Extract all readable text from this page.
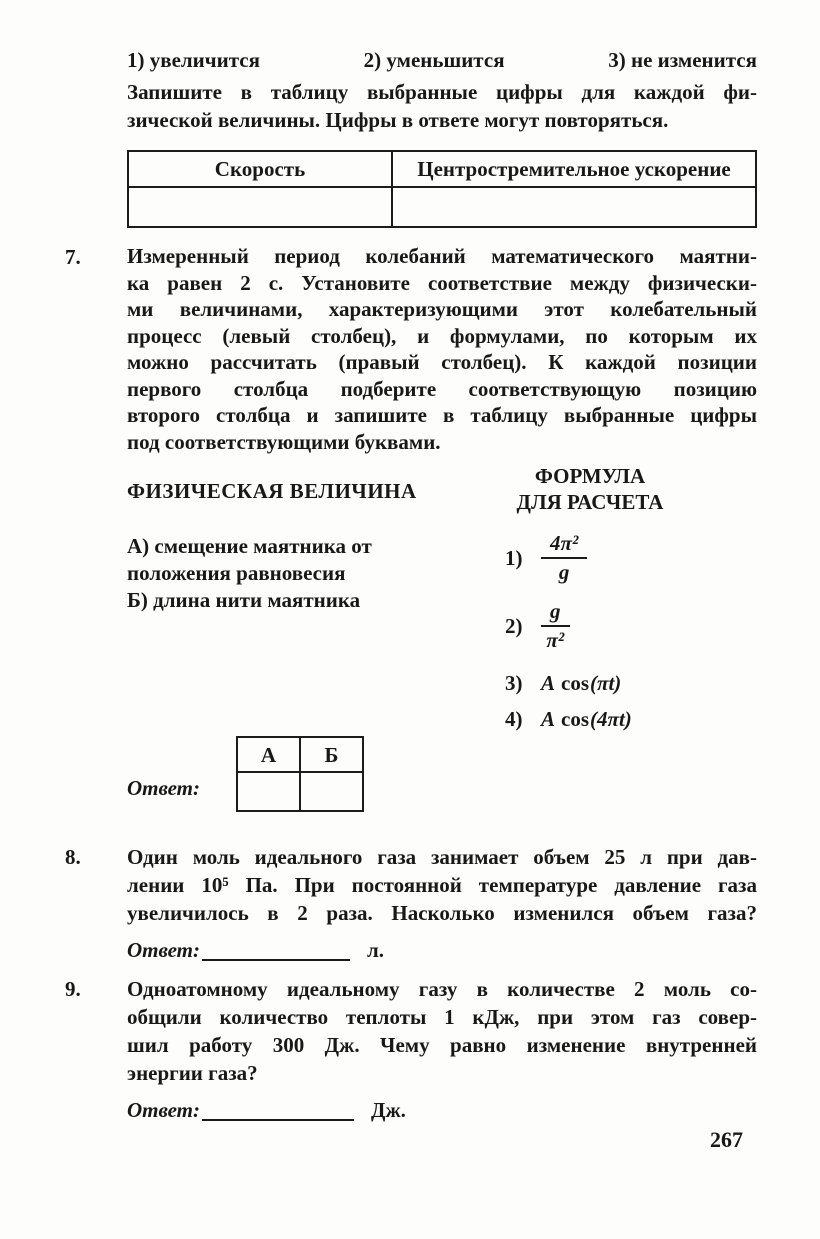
1) увеличится	2) уменьшится	3) не изменится
Запишите в таблицу выбранные цифры для каждой фи-
зической величины. Цифры в ответе могут повторяться.
Скорость	Центростремительное ускорение

7. Измеренный период колебаний математического маятни-
ка равен 2 с. Установите соответствие между физически-
ми величинами, характеризующими этот колебательный
процесс (левый столбец), и формулами, по которым их
можно рассчитать (правый столбец). К каждой позиции
первого столбца подберите соответствующую позицию
второго столбца и запишите в таблицу выбранные цифры
под соответствующими буквами.
ФИЗИЧЕСКАЯ ВЕЛИЧИНА
А) смещение маятника от
положения равновесия
Б) длина нити маятника
ФОРМУЛА
ДЛЯ РАСЧЕТА
$1) \frac{\text{4π²}}{g}$
$2) \frac{g}{\text{π²}}$
3) A cos (πt)
4) A cos (4πt)
Ответ:
А	Б

8. Один моль идеального газа занимает объем 25 л при дав-
лении 10⁵ Па. При постоянной температуре давление газа
увеличилось в 2 раза. Насколько изменился объем газа?
Ответ:	л.
9. Одноатомному идеальному газу в количестве 2 моль со-
общили количество теплоты 1 кДж, при этом газ совер-
шил работу 300 Дж. Чему равно изменение внутренней
энергии газа?
Ответ:	Дж.
267
